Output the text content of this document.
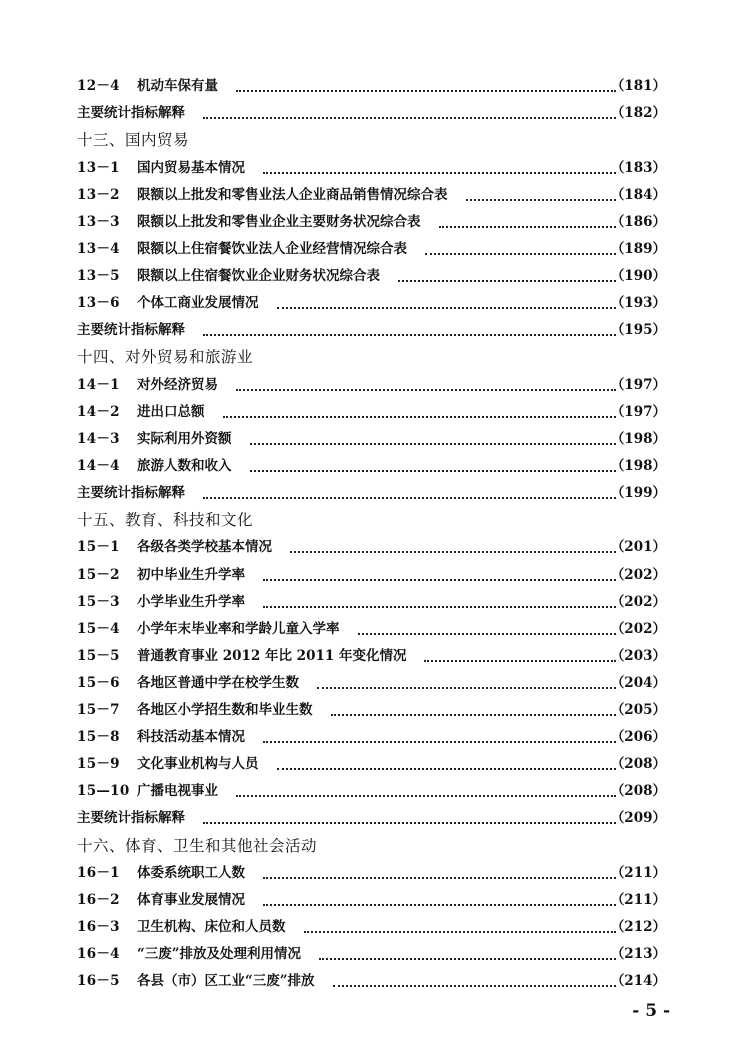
12－4 机动车保有量	（181）
主要统计指标解释	（182）
十三、国内贸易
13－1 国内贸易基本情况	（183）
13－2 限额以上批发和零售业法人企业商品销售情况综合表	（184）
13－3 限额以上批发和零售业企业主要财务状况综合表	（186）
13－4 限额以上住宿餐饮业法人企业经营情况综合表	（189）
13－5 限额以上住宿餐饮业企业财务状况综合表	（190）
13－6 个体工商业发展情况	（193）
主要统计指标解释	（195）
十四、对外贸易和旅游业
14－1 对外经济贸易	（197）
14－2 进出口总额	（197）
14－3 实际利用外资额	（198）
14－4 旅游人数和收入	（198）
主要统计指标解释	（199）
十五、教育、科技和文化
15－1 各级各类学校基本情况	（201）
15－2 初中毕业生升学率	（202）
15－3 小学毕业生升学率	（202）
15－4 小学年末毕业率和学龄儿童入学率	（202）
15－5 普通教育事业 2012 年比 2011 年变化情况	（203）
15－6 各地区普通中学在校学生数	（204）
15－7 各地区小学招生数和毕业生数	（205）
15－8 科技活动基本情况	（206）
15－9 文化事业机构与人员	（208）
15—10 广播电视事业	（208）
主要统计指标解释	（209）
十六、体育、卫生和其他社会活动
16－1 体委系统职工人数	（211）
16－2 体育事业发展情况	（211）
16－3 卫生机构、床位和人员数	（212）
16－4 “三废”排放及处理利用情况	（213）
16－5 各县（市）区工业“三废”排放	（214）
- 5 -
